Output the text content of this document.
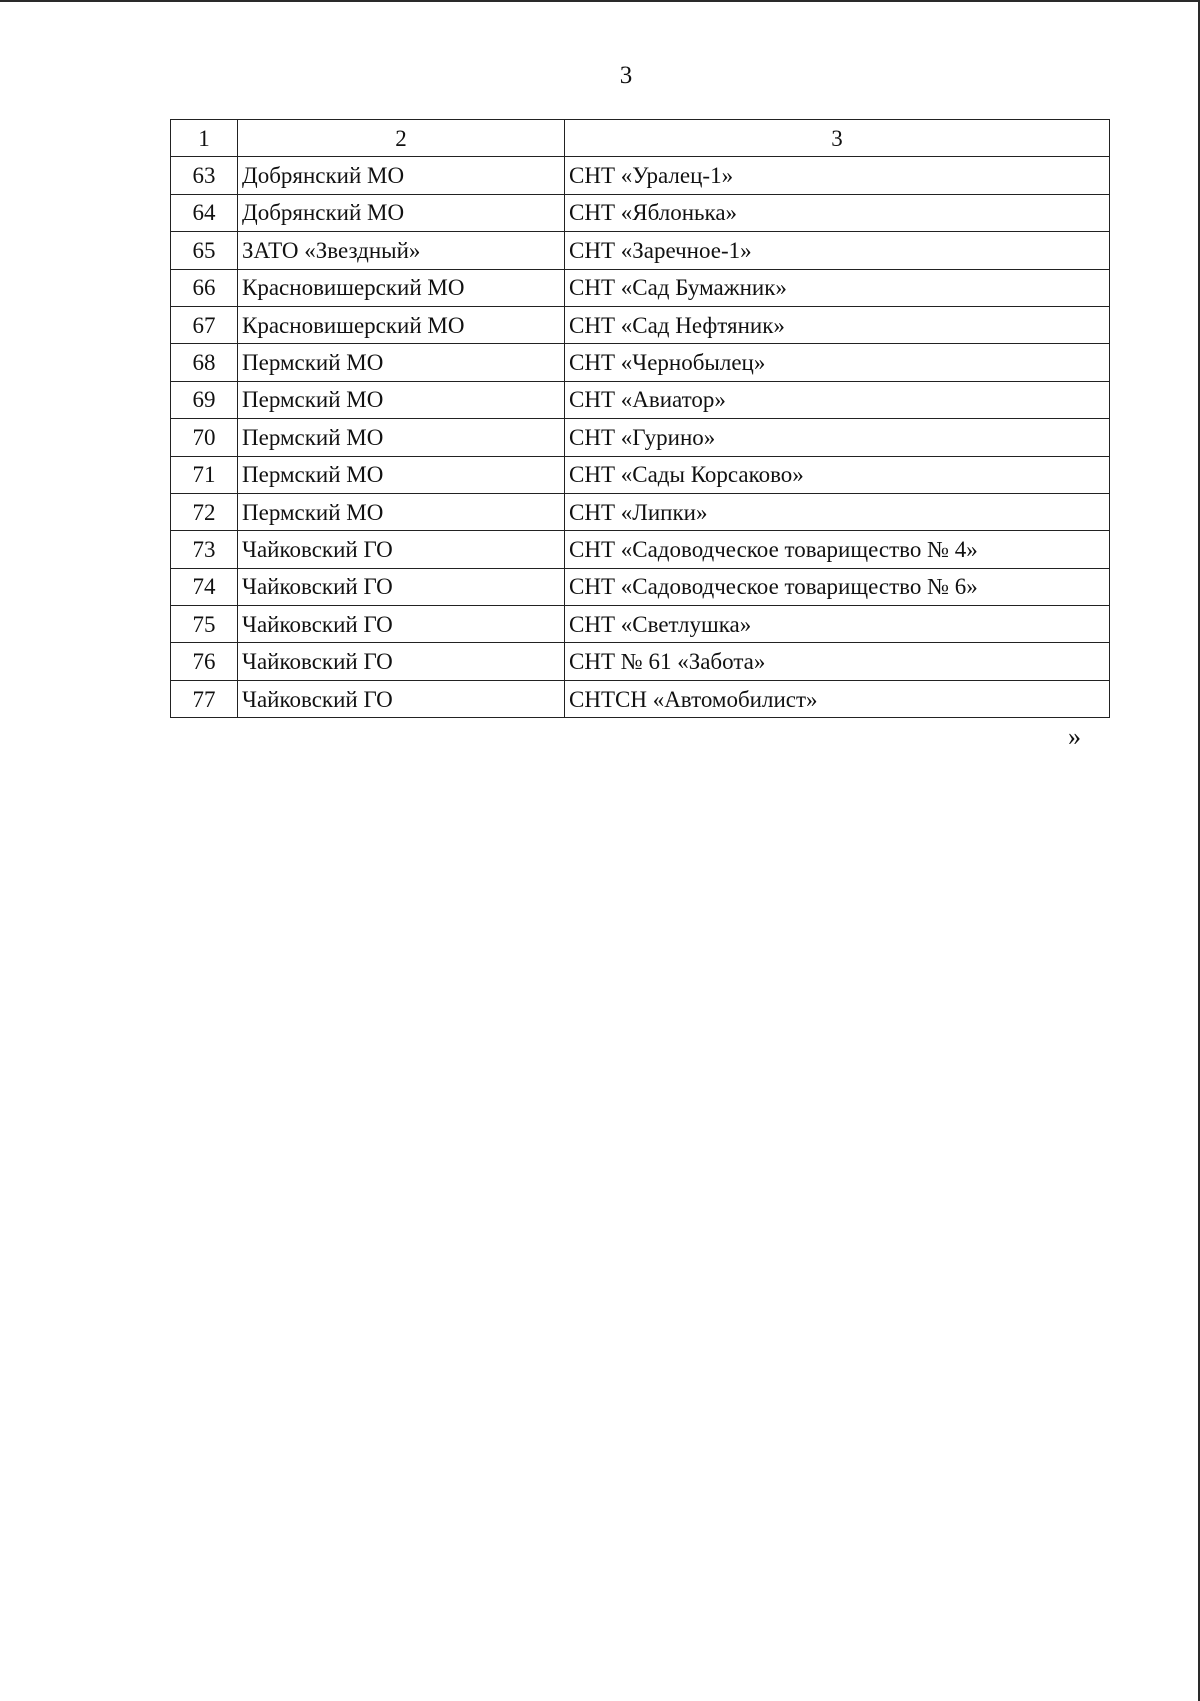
3
1	2	3
63	Добрянский МО	СНТ «Уралец-1»
64	Добрянский МО	СНТ «Яблонька»
65	ЗАТО «Звездный»	СНТ «Заречное-1»
66	Красновишерский МО	СНТ «Сад Бумажник»
67	Красновишерский МО	СНТ «Сад Нефтяник»
68	Пермский МО	СНТ «Чернобылец»
69	Пермский МО	СНТ «Авиатор»
70	Пермский МО	СНТ «Гурино»
71	Пермский МО	СНТ «Сады Корсаково»
72	Пермский МО	СНТ «Липки»
73	Чайковский ГО	СНТ «Садоводческое товарищество № 4»
74	Чайковский ГО	СНТ «Садоводческое товарищество № 6»
75	Чайковский ГО	СНТ «Светлушка»
76	Чайковский ГО	СНТ № 61 «Забота»
77	Чайковский ГО	СНТСН «Автомобилист»
»
